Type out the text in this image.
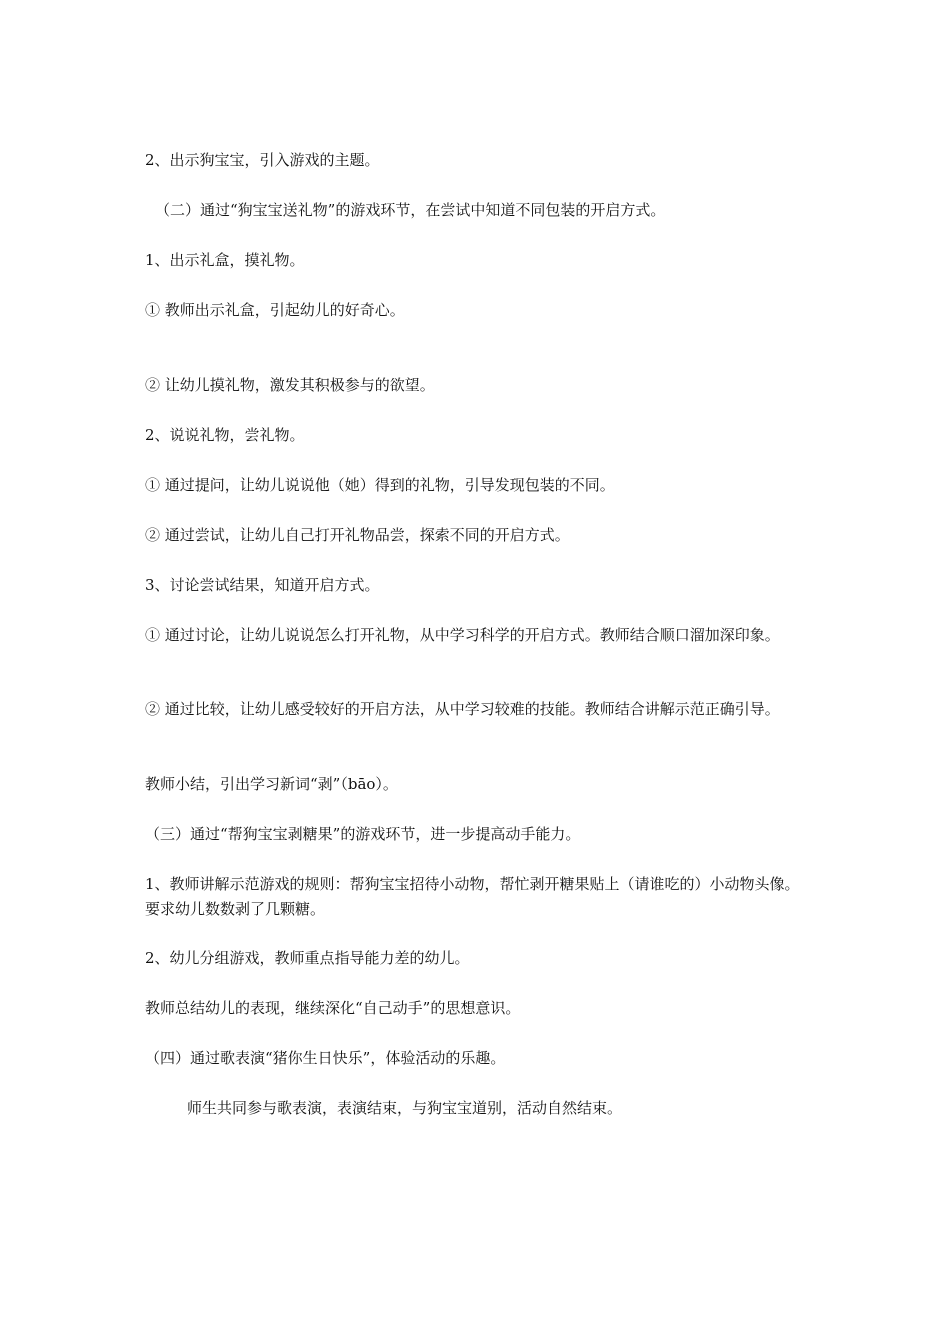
2、出示狗宝宝，引入游戏的主题。

（二）通过“狗宝宝送礼物”的游戏环节，在尝试中知道不同包装的开启方式。

1、出示礼盒，摸礼物。

① 教师出示礼盒，引起幼儿的好奇心。

② 让幼儿摸礼物，激发其积极参与的欲望。

2、说说礼物，尝礼物。

① 通过提问，让幼儿说说他（她）得到的礼物，引导发现包装的不同。

② 通过尝试，让幼儿自己打开礼物品尝，探索不同的开启方式。

3、讨论尝试结果，知道开启方式。

① 通过讨论，让幼儿说说怎么打开礼物，从中学习科学的开启方式。教师结合顺口溜加深印象。

② 通过比较，让幼儿感受较好的开启方法，从中学习较难的技能。教师结合讲解示范正确引导。

教师小结，引出学习新词“剥”（bāo）。

（三）通过“帮狗宝宝剥糖果”的游戏环节，进一步提高动手能力。

1、教师讲解示范游戏的规则：帮狗宝宝招待小动物，帮忙剥开糖果贴上（请谁吃的）小动物头像。要求幼儿数数剥了几颗糖。

2、幼儿分组游戏，教师重点指导能力差的幼儿。

教师总结幼儿的表现，继续深化“自己动手”的思想意识。

（四）通过歌表演“猪你生日快乐”，体验活动的乐趣。

师生共同参与歌表演，表演结束，与狗宝宝道别，活动自然结束。
